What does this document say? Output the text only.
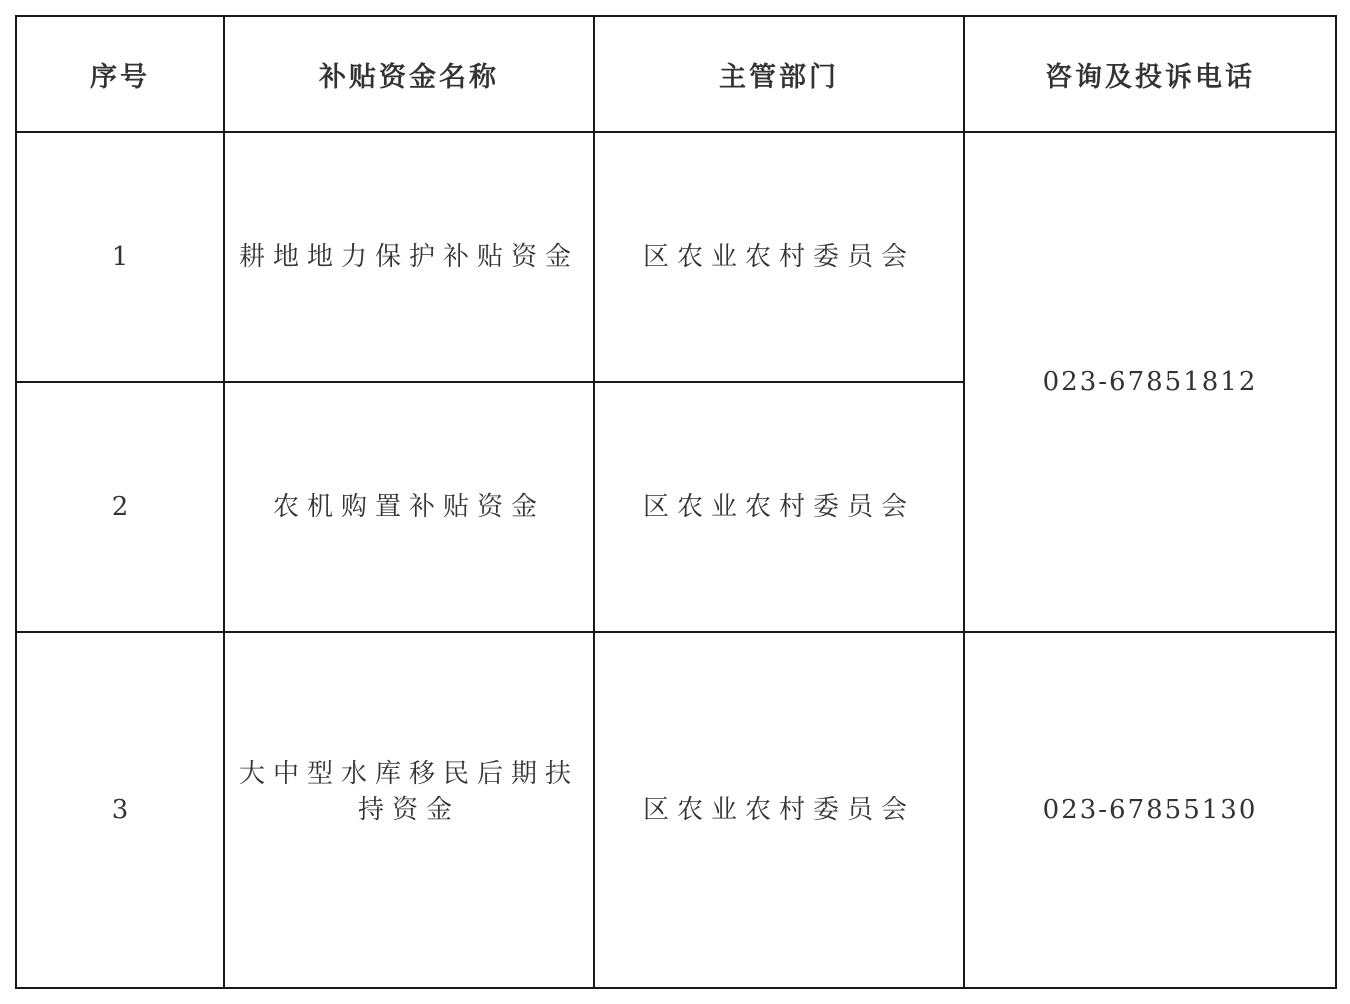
序号	补贴资金名称	主管部门	咨询及投诉电话
1	耕地地力保护补贴资金	区农业农村委员会	023-67851812
2	农机购置补贴资金	区农业农村委员会	
3	大中型水库移民后期扶持资金	区农业农村委员会	023-67855130
